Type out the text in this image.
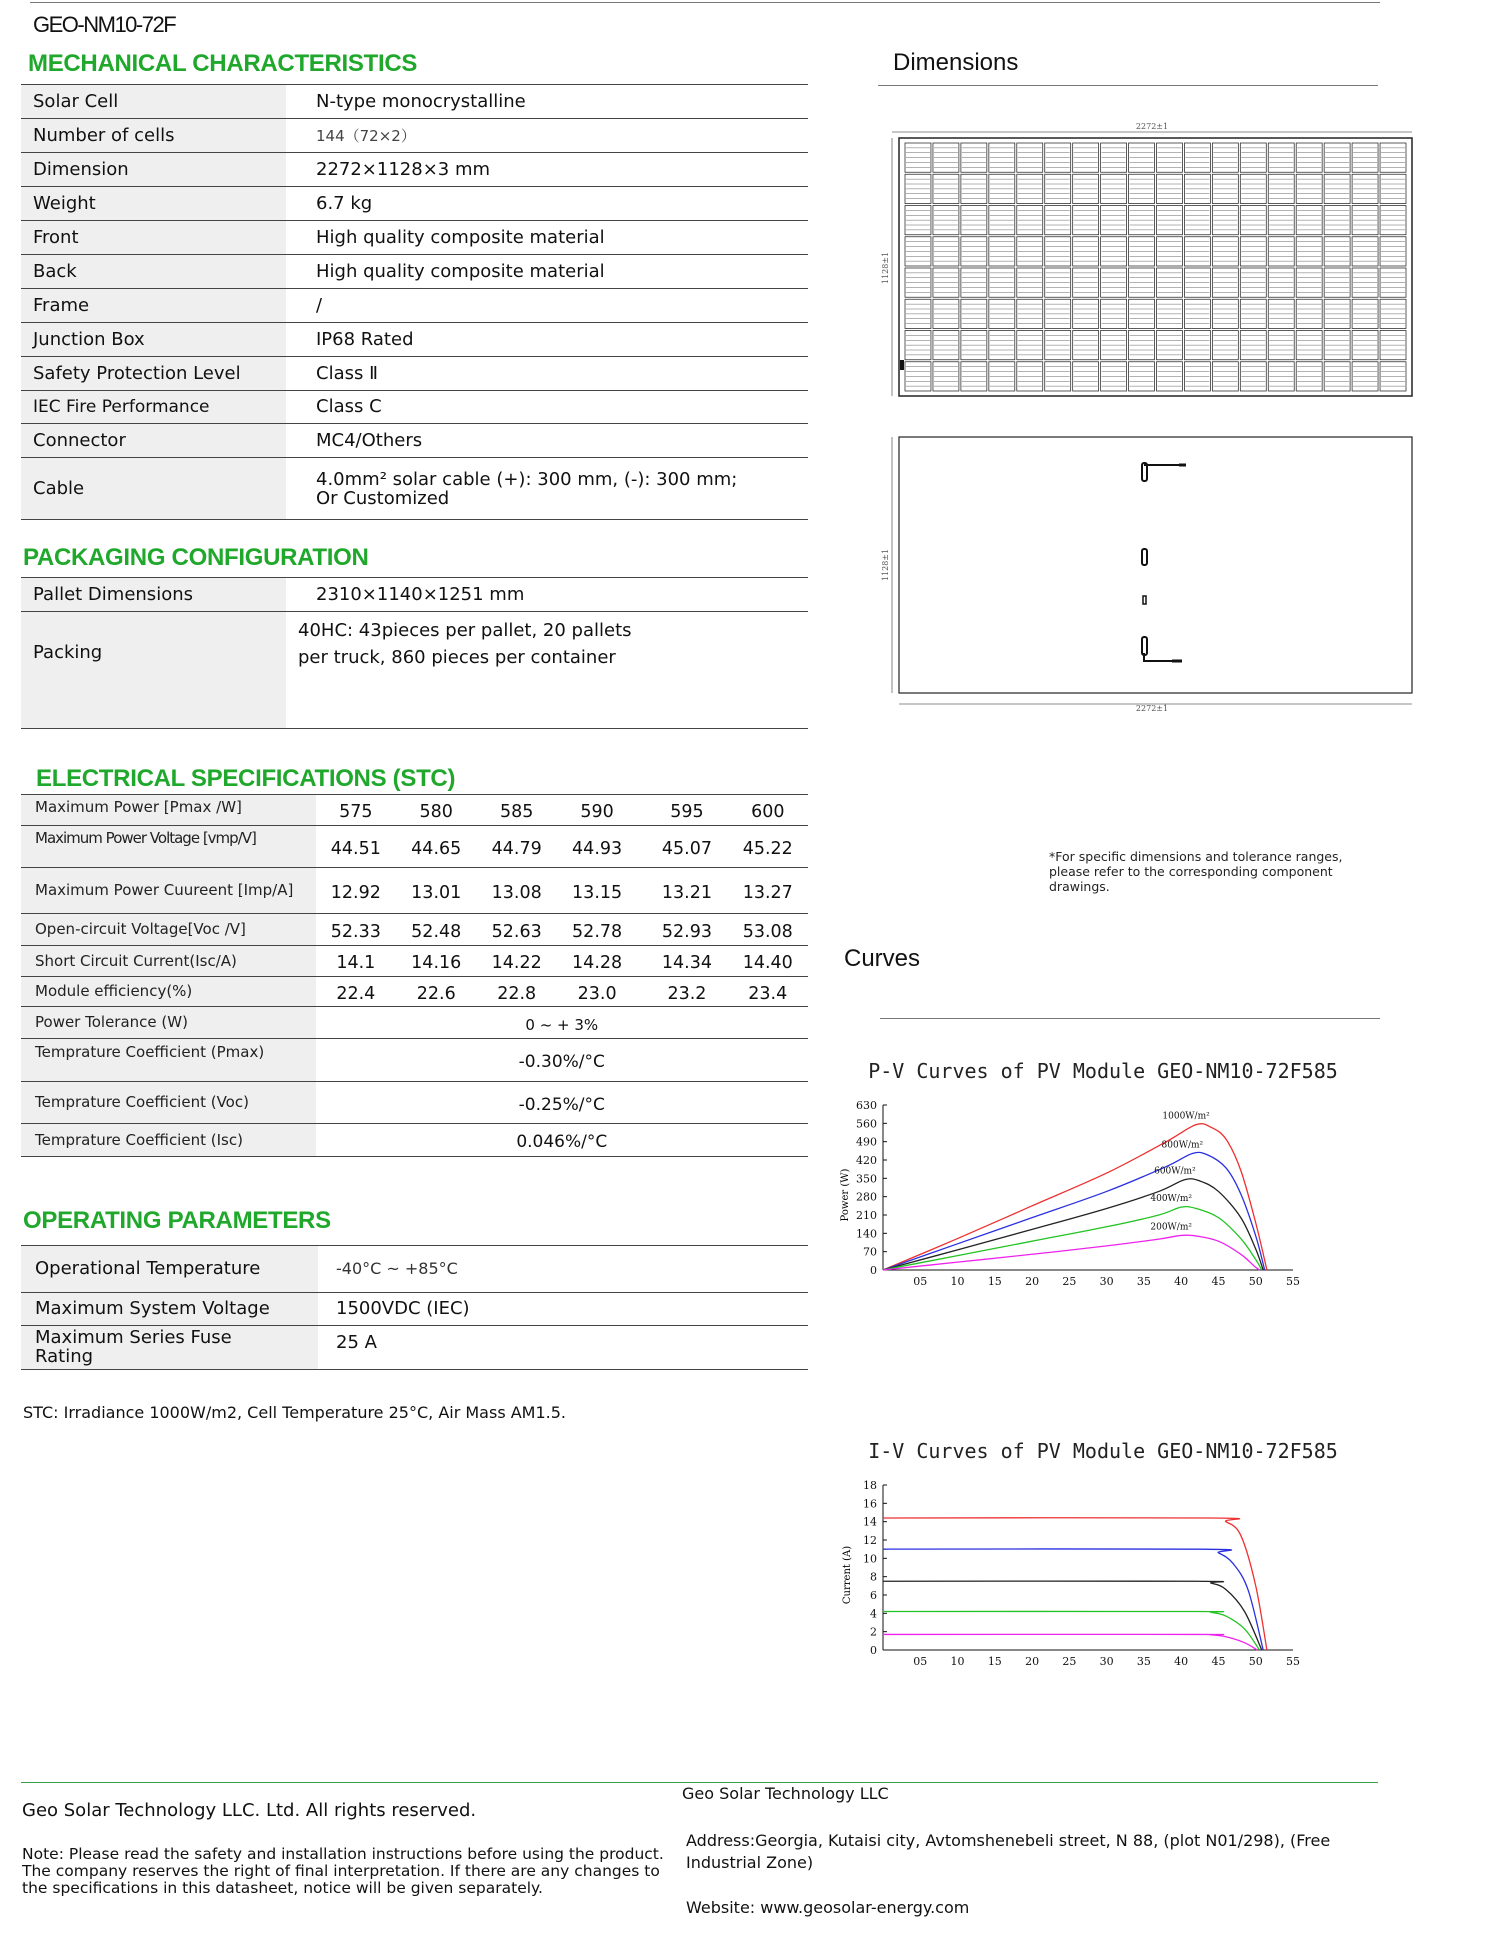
GEO-NM10-72F
MECHANICAL CHARACTERISTICS
Solar Cell	N-type monocrystalline
Number of cells	144（72×2）
Dimension	2272×1128×3 mm
Weight	6.7 kg
Front	High quality composite material
Back	High quality composite material
Frame	/
Junction Box	IP68 Rated
Safety Protection Level	Class Ⅱ
IEC Fire Performance	Class C
Connector	MC4/Others
Cable	4.0mm² solar cable (+): 300 mm, (-): 300 mm;
Or Customized
PACKAGING CONFIGURATION
Pallet Dimensions	2310×1140×1251 mm
Packing	40HC: 43pieces per pallet, 20 pallets
per truck, 860 pieces per container
ELECTRICAL SPECIFICATIONS (STC)
Maximum Power [Pmax /W]	575	580	585	590	595	600
Maximum Power Voltage [vmp/V]	44.51	44.65	44.79	44.93	45.07	45.22
Maximum Power Cuureent [Imp/A]	12.92	13.01	13.08	13.15	13.21	13.27
Open-circuit Voltage[Voc /V]	52.33	52.48	52.63	52.78	52.93	53.08
Short Circuit Current(Isc/A)	14.1	14.16	14.22	14.28	14.34	14.40
Module efficiency(%)	22.4	22.6	22.8	23.0	23.2	23.4
Power Tolerance (W)	0 ~ + 3%					
Temprature Coefficient (Pmax)	-0.30%/°C					
Temprature Coefficient (Voc)	-0.25%/°C					
Temprature Coefficient (Isc)	0.046%/°C					
OPERATING PARAMETERS
Operational Temperature	-40°C ~ +85°C
Maximum System Voltage	1500VDC (IEC)

Maximum Series Fuse
Rating	25 A
STC: Irradiance 1000W/m2, Cell Temperature 25°C, Air Mass AM1.5.
Dimensions
2272±1
1128±1
1128±1
2272±1
*For specific dimensions and tolerance ranges, please refer to the corresponding component drawings.
Curves
P-V Curves of PV Module GEO-NM10-72F585
Power (W)
0
70
140
210
280
350
420
490
560
630
05 10 15 20 25 30 35 40 45 50 55
1000W/m²
800W/m²
600W/m²
400W/m²
200W/m²
I-V Curves of PV Module GEO-NM10-72F585
Current (A)
0
2
4
6
8
10
12
14
16
18
05 10 15 20 25 30 35 40 45 50 55
Geo Solar Technology LLC. Ltd. All rights reserved.
Note: Please read the safety and installation instructions before using the product. The company reserves the right of final interpretation. If there are any changes to the specifications in this datasheet, notice will be given separately.
Geo Solar Technology LLC
Address:Georgia, Kutaisi city, Avtomshenebeli street, N 88, (plot N01/298), (Free Industrial Zone)
Website: www.geosolar-energy.com
